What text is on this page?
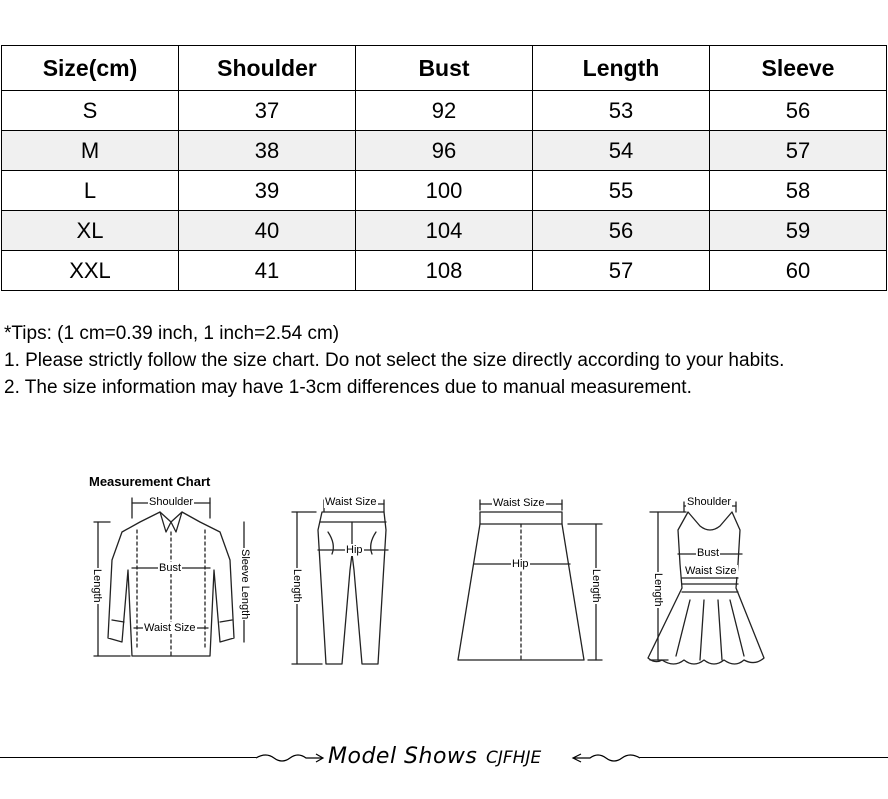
Size(cm)	Shoulder	Bust	Length	Sleeve
S	37	92	53	56
M	38	96	54	57
L	39	100	55	58
XL	40	104	56	59
XXL	41	108	57	60
*Tips: (1 cm=0.39 inch, 1 inch=2.54 cm)
1. Please strictly follow the size chart. Do not select the size directly according to your habits.
2. The size information may have 1-3cm differences due to manual measurement.
Measurement Chart
Shoulder
Bust
Waist Size
Length	Sleeve Length
Waist Size
Hip
Length
Waist Size
Hip
Length
Shoulder
Bust
Waist Size
Length
Model Shows CJFHJE
